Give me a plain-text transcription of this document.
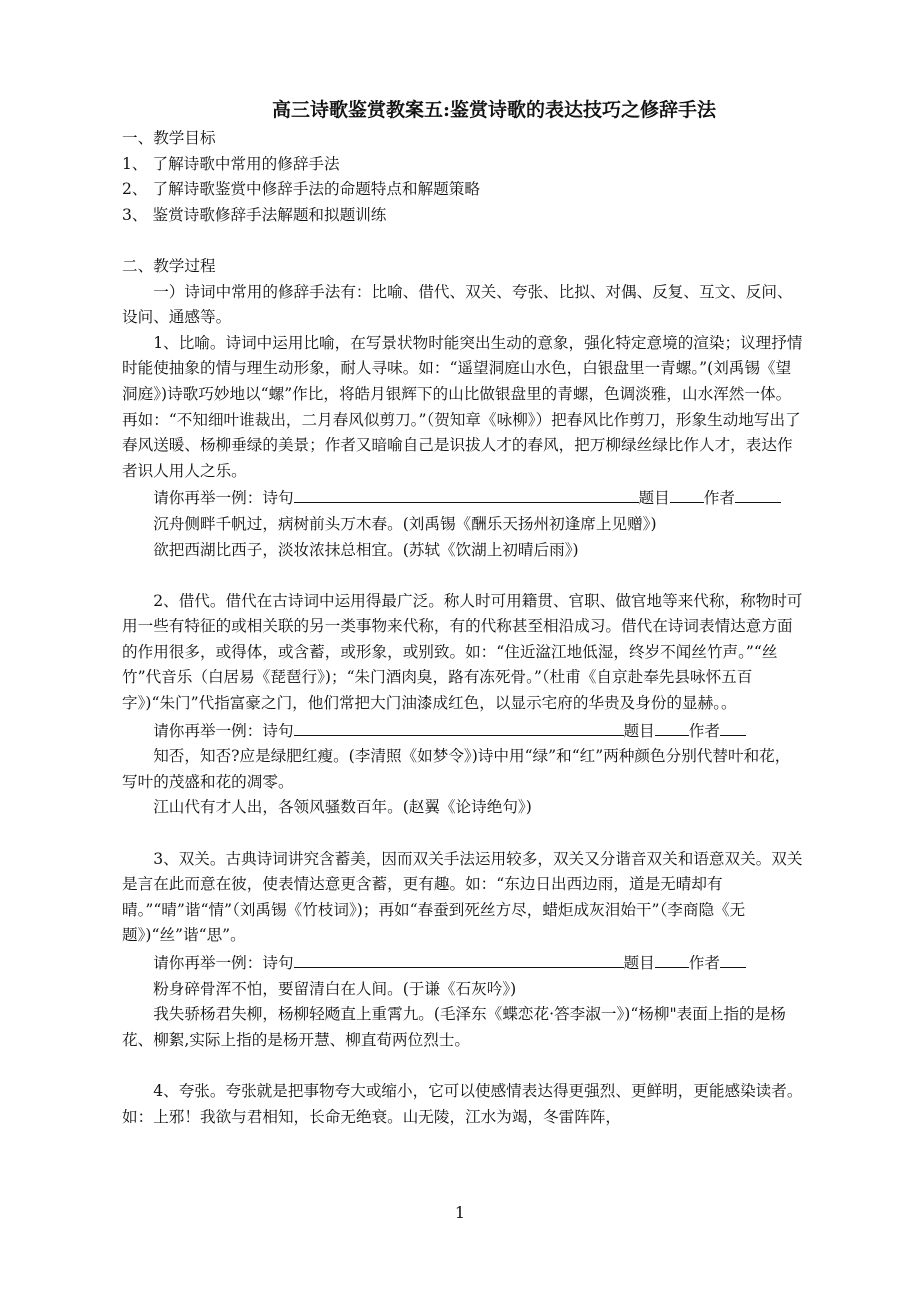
高三诗歌鉴赏教案五:鉴赏诗歌的表达技巧之修辞手法

一、教学目标

1、 了解诗歌中常用的修辞手法

2、 了解诗歌鉴赏中修辞手法的命题特点和解题策略

3、 鉴赏诗歌修辞手法解题和拟题训练

二、教学过程

一）诗词中常用的修辞手法有：比喻、借代、双关、夸张、比拟、对偶、反复、互文、反问、设问、通感等。

1、比喻。诗词中运用比喻，在写景状物时能突出生动的意象，强化特定意境的渲染；议理抒情时能使抽象的情与理生动形象，耐人寻味。如：“遥望洞庭山水色，白银盘里一青螺。”(刘禹锡《望洞庭》)诗歌巧妙地以“螺”作比，将皓月银辉下的山比做银盘里的青螺，色调淡雅，山水浑然一体。再如：“不知细叶谁裁出，二月春风似剪刀。”（贺知章《咏柳》）把春风比作剪刀，形象生动地写出了春风送暖、杨柳垂绿的美景；作者又暗喻自己是识拔人才的春风，把万柳绿丝绿比作人才，表达作者识人用人之乐。

请你再举一例：诗句	题目 作者

沉舟侧畔千帆过，病树前头万木春。(刘禹锡《酬乐天扬州初逢席上见赠》)

欲把西湖比西子，淡妆浓抹总相宜。(苏轼《饮湖上初晴后雨》)

2、借代。借代在古诗词中运用得最广泛。称人时可用籍贯、官职、做官地等来代称，称物时可用一些有特征的或相关联的另一类事物来代称，有的代称甚至相沿成习。借代在诗词表情达意方面的作用很多，或得体，或含蓄，或形象，或别致。如：“住近湓江地低湿，终岁不闻丝竹声。”“丝竹”代音乐（白居易《琵琶行》)；“朱门酒肉臭，路有冻死骨。”（杜甫《自京赴奉先县咏怀五百字》)“朱门”代指富豪之门，他们常把大门油漆成红色，以显示宅府的华贵及身份的显赫。。

请你再举一例：诗句	题目 作者

知否，知否?应是绿肥红瘦。(李清照《如梦令》)诗中用“绿”和“红”两种颜色分别代替叶和花，写叶的茂盛和花的凋零。

江山代有才人出，各领风骚数百年。(赵翼《论诗绝句》)

3、双关。古典诗词讲究含蓄美，因而双关手法运用较多，双关又分谐音双关和语意双关。双关是言在此而意在彼，使表情达意更含蓄，更有趣。如：“东边日出西边雨，道是无晴却有晴。”“晴”谐“情”（刘禹锡《竹枝词》)；再如“春蚕到死丝方尽，蜡炬成灰泪始干”（李商隐《无题》)“丝”谐“思”。

请你再举一例：诗句	题目 作者

粉身碎骨浑不怕，要留清白在人间。(于谦《石灰吟》)

我失骄杨君失柳，杨柳轻飏直上重霄九。(毛泽东《蝶恋花·答李淑一》)“杨柳"表面上指的是杨花、柳絮,实际上指的是杨开慧、柳直荀两位烈士。

4、夸张。夸张就是把事物夸大或缩小，它可以使感情表达得更强烈、更鲜明，更能感染读者。如：上邪！我欲与君相知，长命无绝衰。山无陵，江水为竭，冬雷阵阵，

1
